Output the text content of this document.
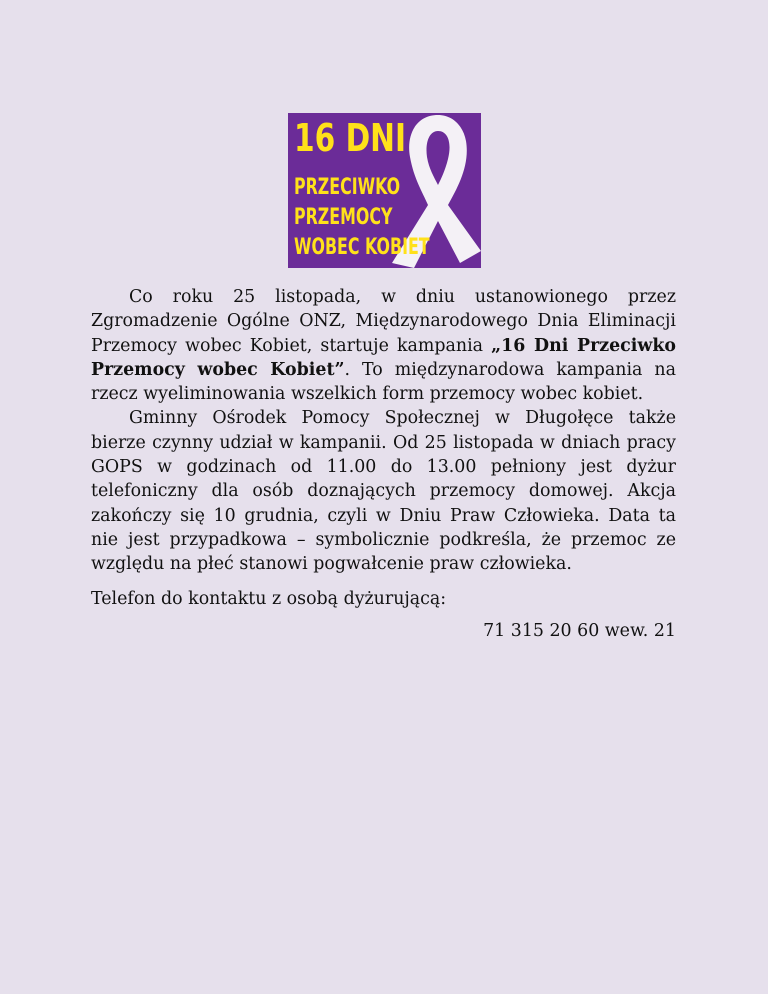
16 DNI
PRZECIWKO
PRZEMOCY
WOBEC KOBIET

Co roku 25 listopada, w dniu ustanowionego przez Zgromadzenie Ogólne ONZ, Międzynarodowego Dnia Eliminacji Przemocy wobec Kobiet, startuje kampania „16 Dni Przeciwko Przemocy wobec Kobiet”. To międzynarodowa kampania na rzecz wyeliminowania wszelkich form przemocy wobec kobiet.

Gminny Ośrodek Pomocy Społecznej w Długołęce także bierze czynny udział w kampanii. Od 25 listopada w dniach pracy GOPS w godzinach od 11.00 do 13.00 pełniony jest dyżur telefoniczny dla osób doznających przemocy domowej. Akcja zakończy się 10 grudnia, czyli w Dniu Praw Człowieka. Data ta nie jest przypadkowa – symbolicznie podkreśla, że przemoc ze względu na płeć stanowi pogwałcenie praw człowieka.

Telefon do kontaktu z osobą dyżurującą:

71 315 20 60 wew. 21
